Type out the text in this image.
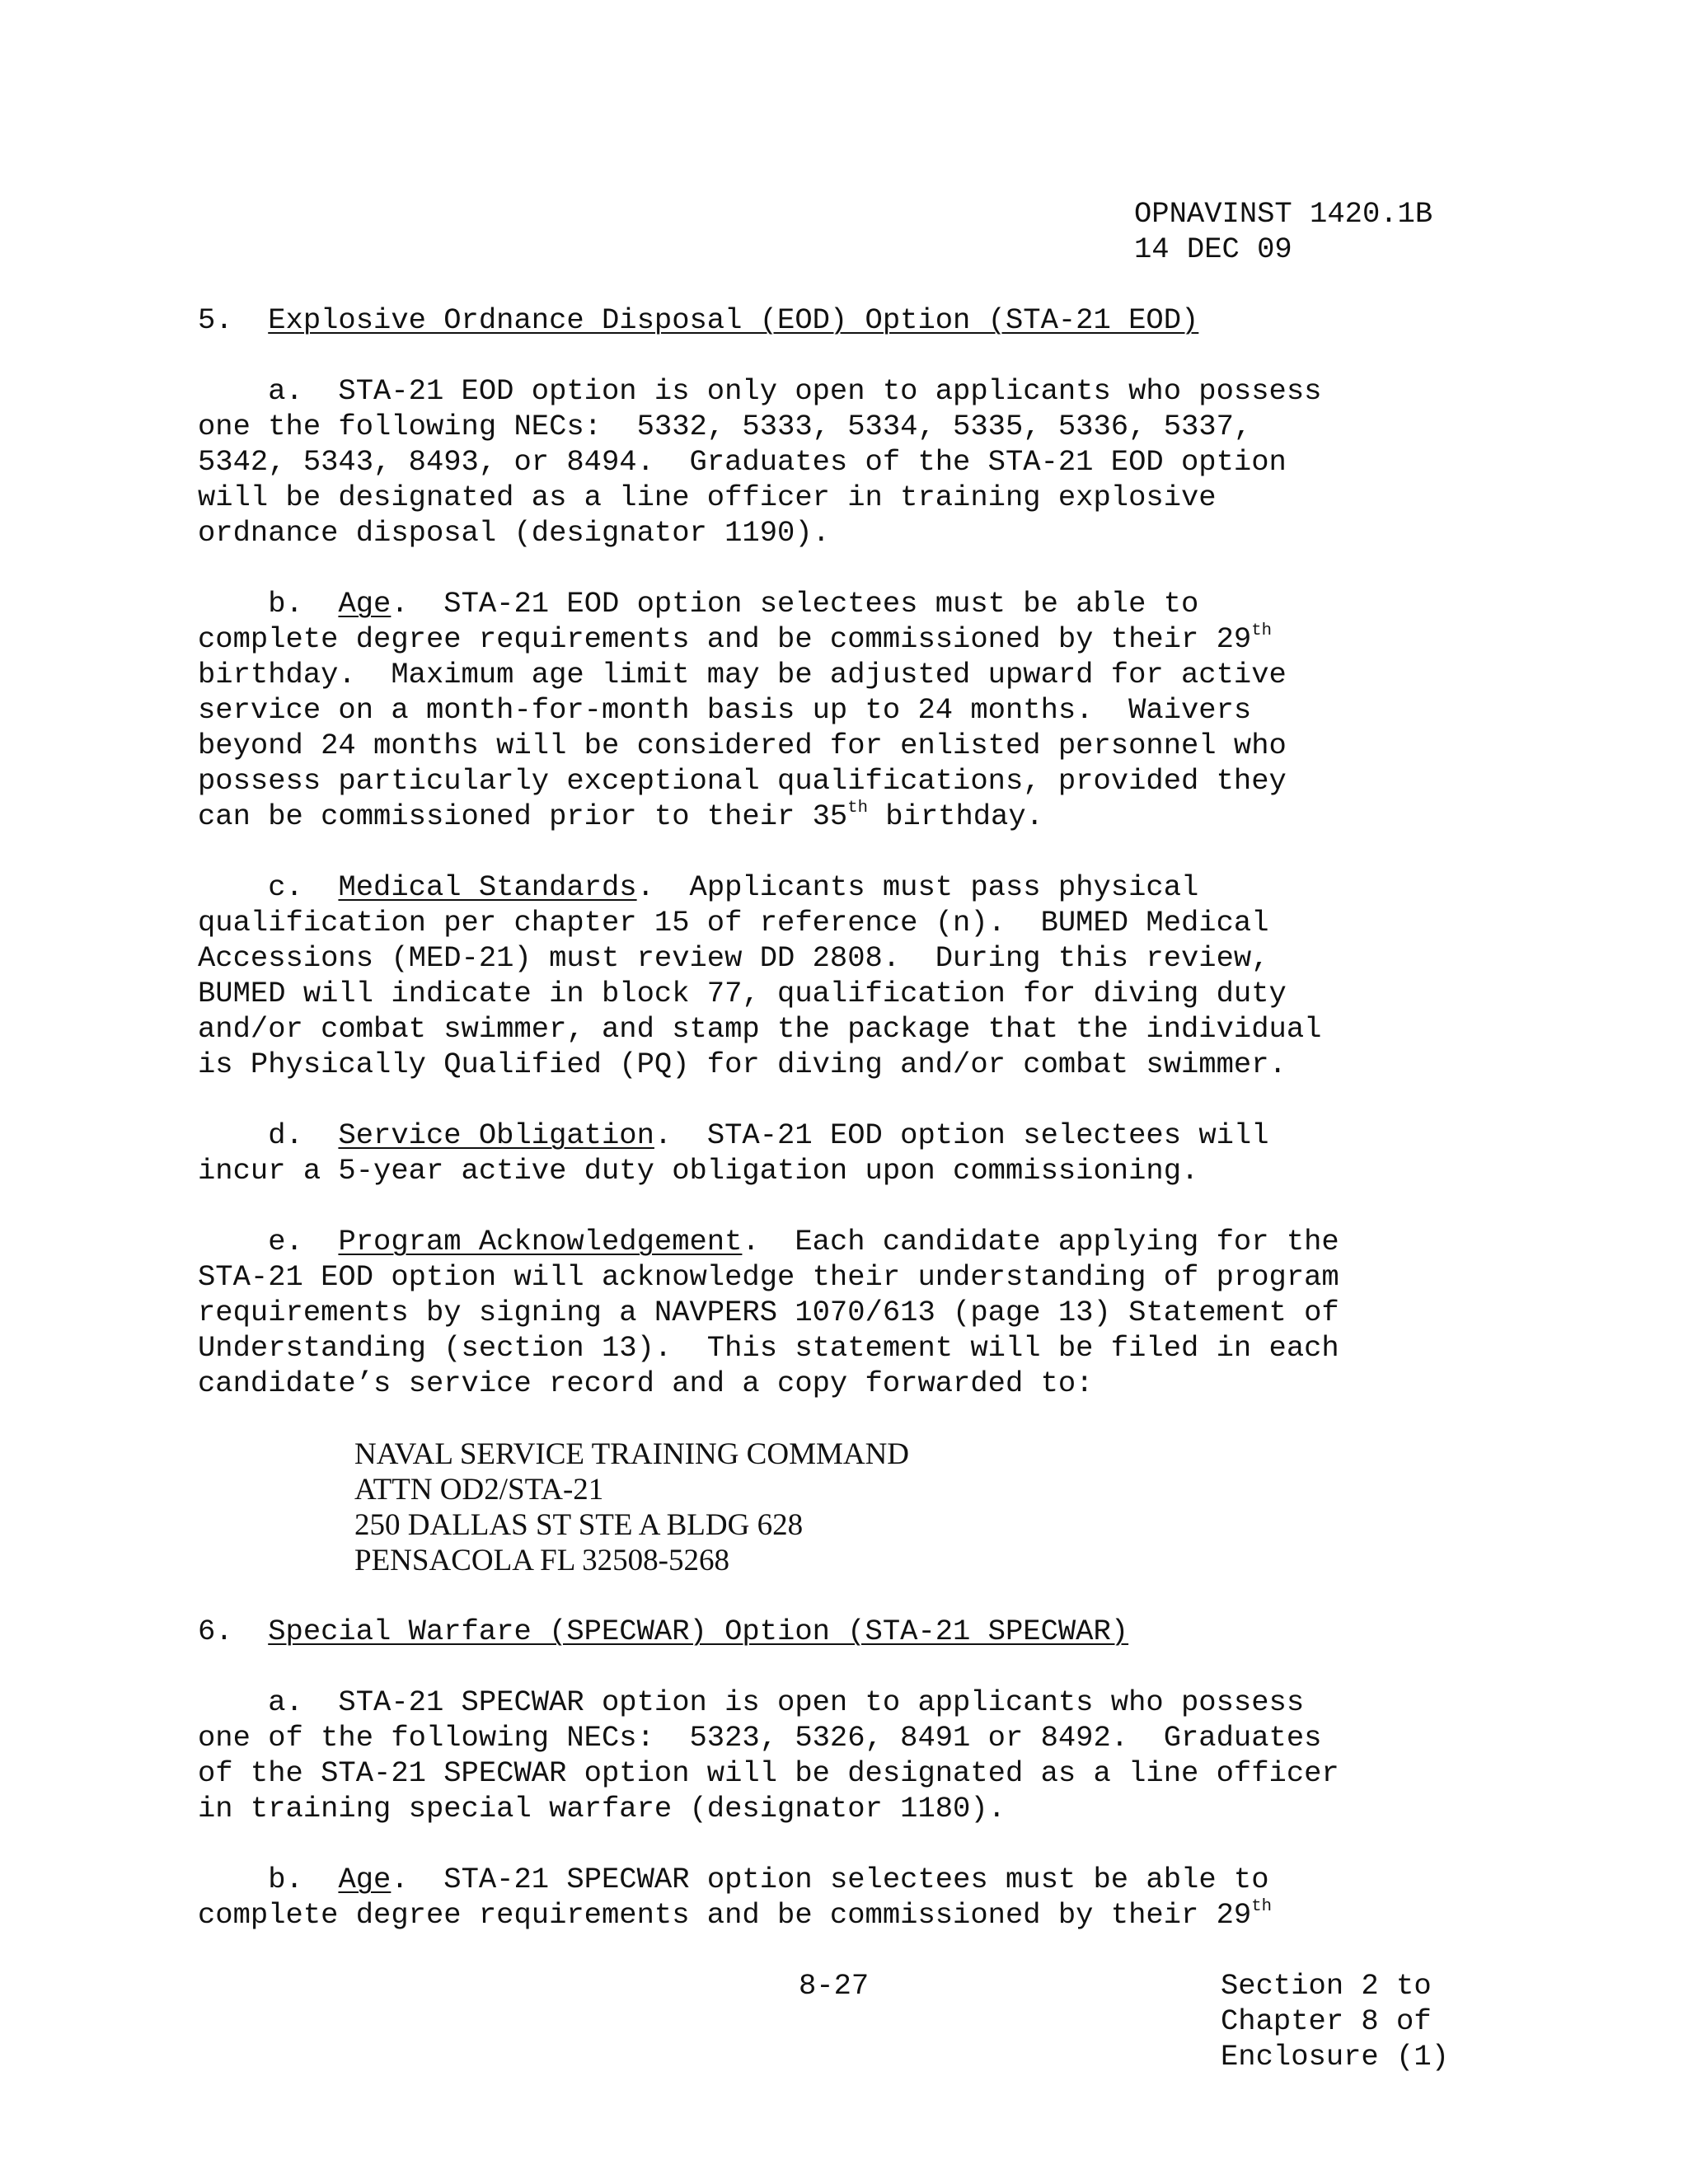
OPNAVINST 1420.1B
14 DEC 09
5. Explosive Ordnance Disposal (EOD) Option (STA-21 EOD)
a.  STA-21 EOD option is only open to applicants who possess
one the following NECs:  5332, 5333, 5334, 5335, 5336, 5337,
5342, 5343, 8493, or 8494.  Graduates of the STA-21 EOD option
will be designated as a line officer in training explosive
ordnance disposal (designator 1190).
b.  Age.  STA-21 EOD option selectees must be able to
complete degree requirements and be commissioned by their 29th
birthday.  Maximum age limit may be adjusted upward for active
service on a month-for-month basis up to 24 months.  Waivers
beyond 24 months will be considered for enlisted personnel who
possess particularly exceptional qualifications, provided they
can be commissioned prior to their 35th birthday.
c.  Medical Standards.  Applicants must pass physical
qualification per chapter 15 of reference (n).  BUMED Medical
Accessions (MED-21) must review DD 2808.  During this review,
BUMED will indicate in block 77, qualification for diving duty
and/or combat swimmer, and stamp the package that the individual
is Physically Qualified (PQ) for diving and/or combat swimmer.
d.  Service Obligation.  STA-21 EOD option selectees will
incur a 5-year active duty obligation upon commissioning.
e.  Program Acknowledgement.  Each candidate applying for the
STA-21 EOD option will acknowledge their understanding of program
requirements by signing a NAVPERS 1070/613 (page 13) Statement of
Understanding (section 13).  This statement will be filed in each
candidate’s service record and a copy forwarded to:
NAVAL SERVICE TRAINING COMMAND
ATTN OD2/STA-21
250 DALLAS ST STE A BLDG 628
PENSACOLA FL 32508-5268
6. Special Warfare (SPECWAR) Option (STA-21 SPECWAR)
a.  STA-21 SPECWAR option is open to applicants who possess
one of the following NECs:  5323, 5326, 8491 or 8492.  Graduates
of the STA-21 SPECWAR option will be designated as a line officer
in training special warfare (designator 1180).
b.  Age.  STA-21 SPECWAR option selectees must be able to
complete degree requirements and be commissioned by their 29th
8-27	Section 2 to
Chapter 8 of
Enclosure (1)
